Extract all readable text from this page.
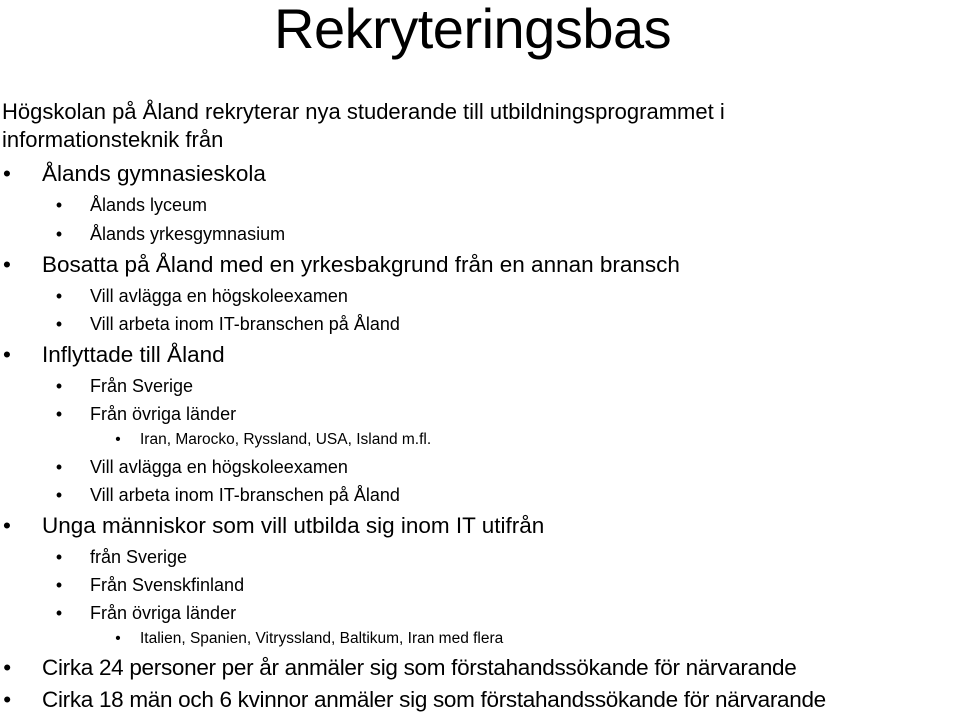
Rekryteringsbas
Högskolan på Åland rekryterar nya studerande till utbildningsprogrammet i
informationsteknik från
• Ålands gymnasieskola
• Ålands lyceum
• Ålands yrkesgymnasium
• Bosatta på Åland med en yrkesbakgrund från en annan bransch
• Vill avlägga en högskoleexamen
• Vill arbeta inom IT-branschen på Åland
• Inflyttade till Åland
• Från Sverige
• Från övriga länder
• Iran, Marocko, Ryssland, USA, Island m.fl.
• Vill avlägga en högskoleexamen
• Vill arbeta inom IT-branschen på Åland
• Unga människor som vill utbilda sig inom IT utifrån
• från Sverige
• Från Svenskfinland
• Från övriga länder
• Italien, Spanien, Vitryssland, Baltikum, Iran med flera
• Cirka 24 personer per år anmäler sig som förstahandssökande för närvarande
• Cirka 18 män och 6 kvinnor anmäler sig som förstahandssökande för närvarande
